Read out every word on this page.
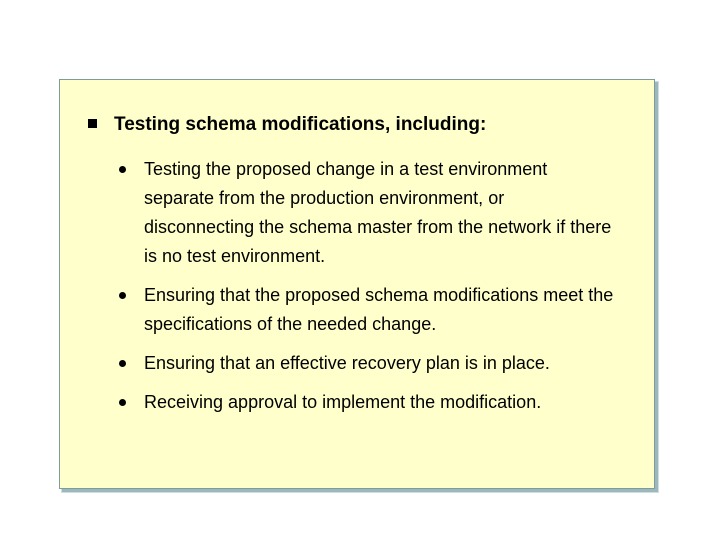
Testing schema modifications, including:
Testing the proposed change in a test environment separate from the production environment, or disconnecting the schema master from the network if there is no test environment.
Ensuring that the proposed schema modifications meet the specifications of the needed change.
Ensuring that an effective recovery plan is in place.
Receiving approval to implement the modification.
